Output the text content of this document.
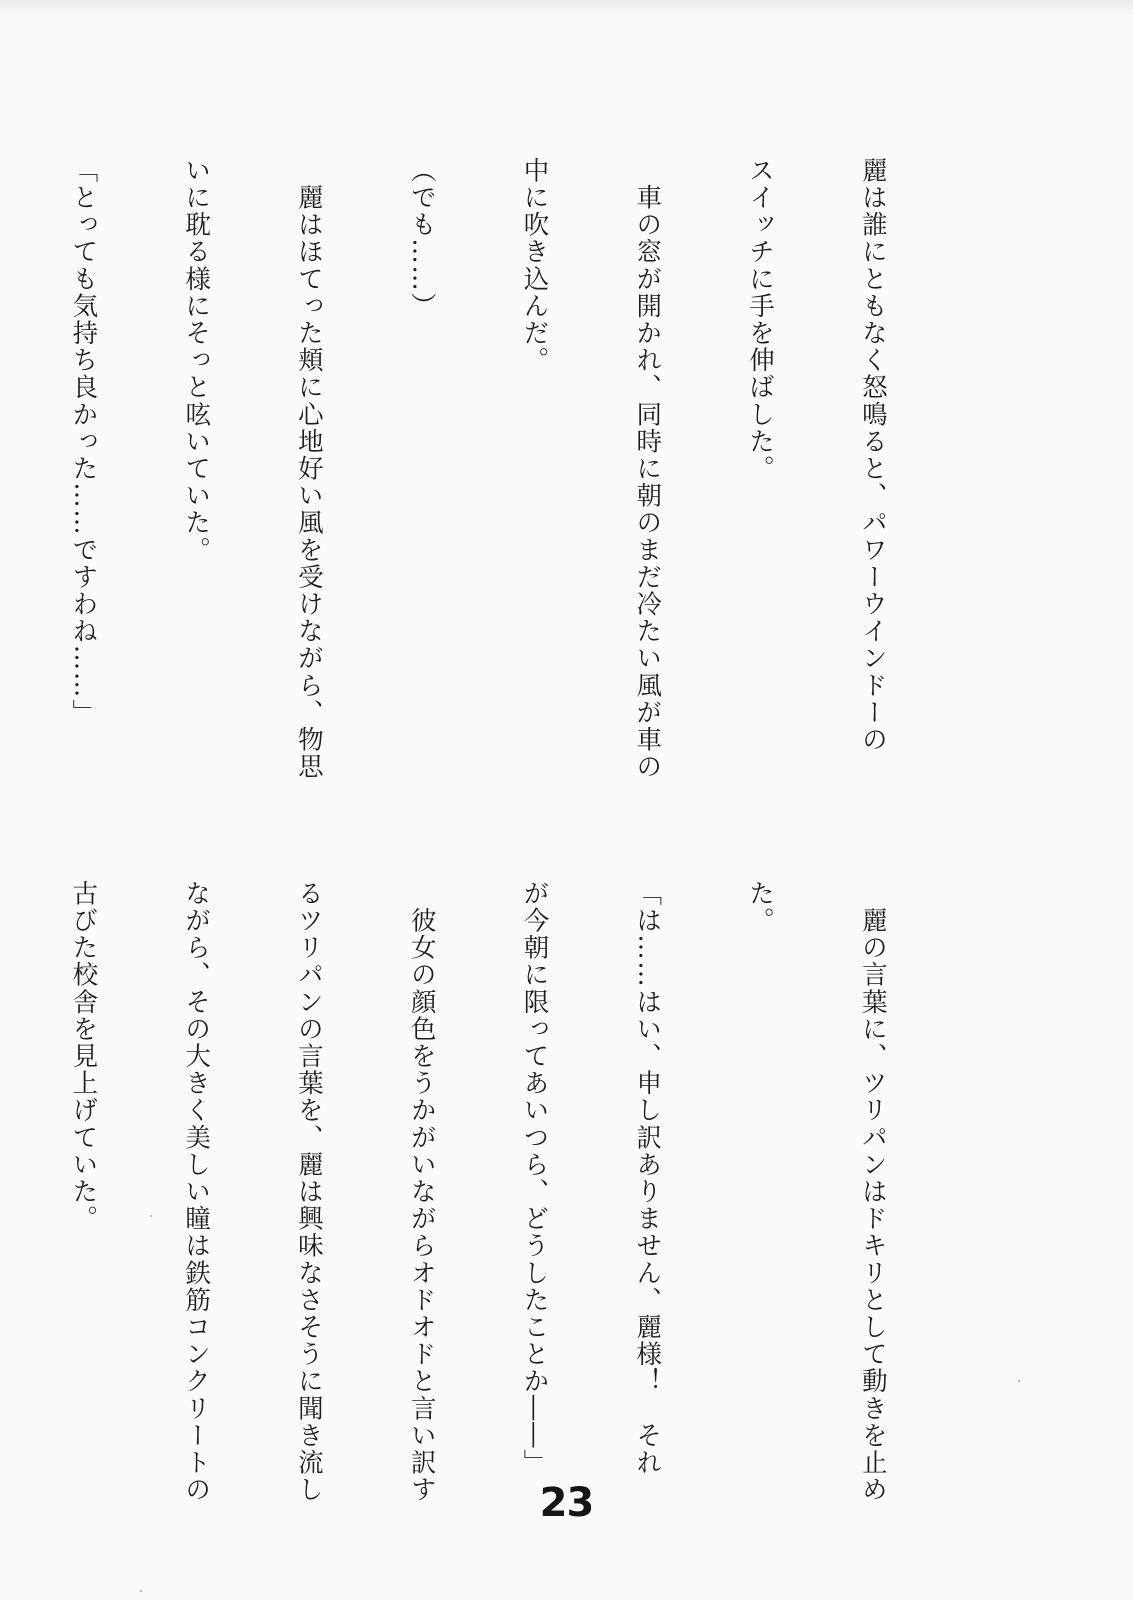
麗は誰にともなく怒鳴ると、パワーウインドーの

スイッチに手を伸ばした。

　車の窓が開かれ、同時に朝のまだ冷たい風が車の

中に吹き込んだ。

（でも……）

　麗はほてった頬に心地好い風を受けながら、物思

いに耽る様にそっと呟いていた。

「とっても気持ち良かった……ですわね……」

　麗の言葉に、ツリパンはドキリとして動きを止め

た。

「は……はい、申し訳ありません、麗様！　それ

が今朝に限ってあいつら、どうしたことか――」

　彼女の顔色をうかがいながらオドオドと言い訳す

るツリパンの言葉を、麗は興味なさそうに聞き流し

ながら、その大きく美しい瞳は鉄筋コンクリートの

古びた校舎を見上げていた。

23
